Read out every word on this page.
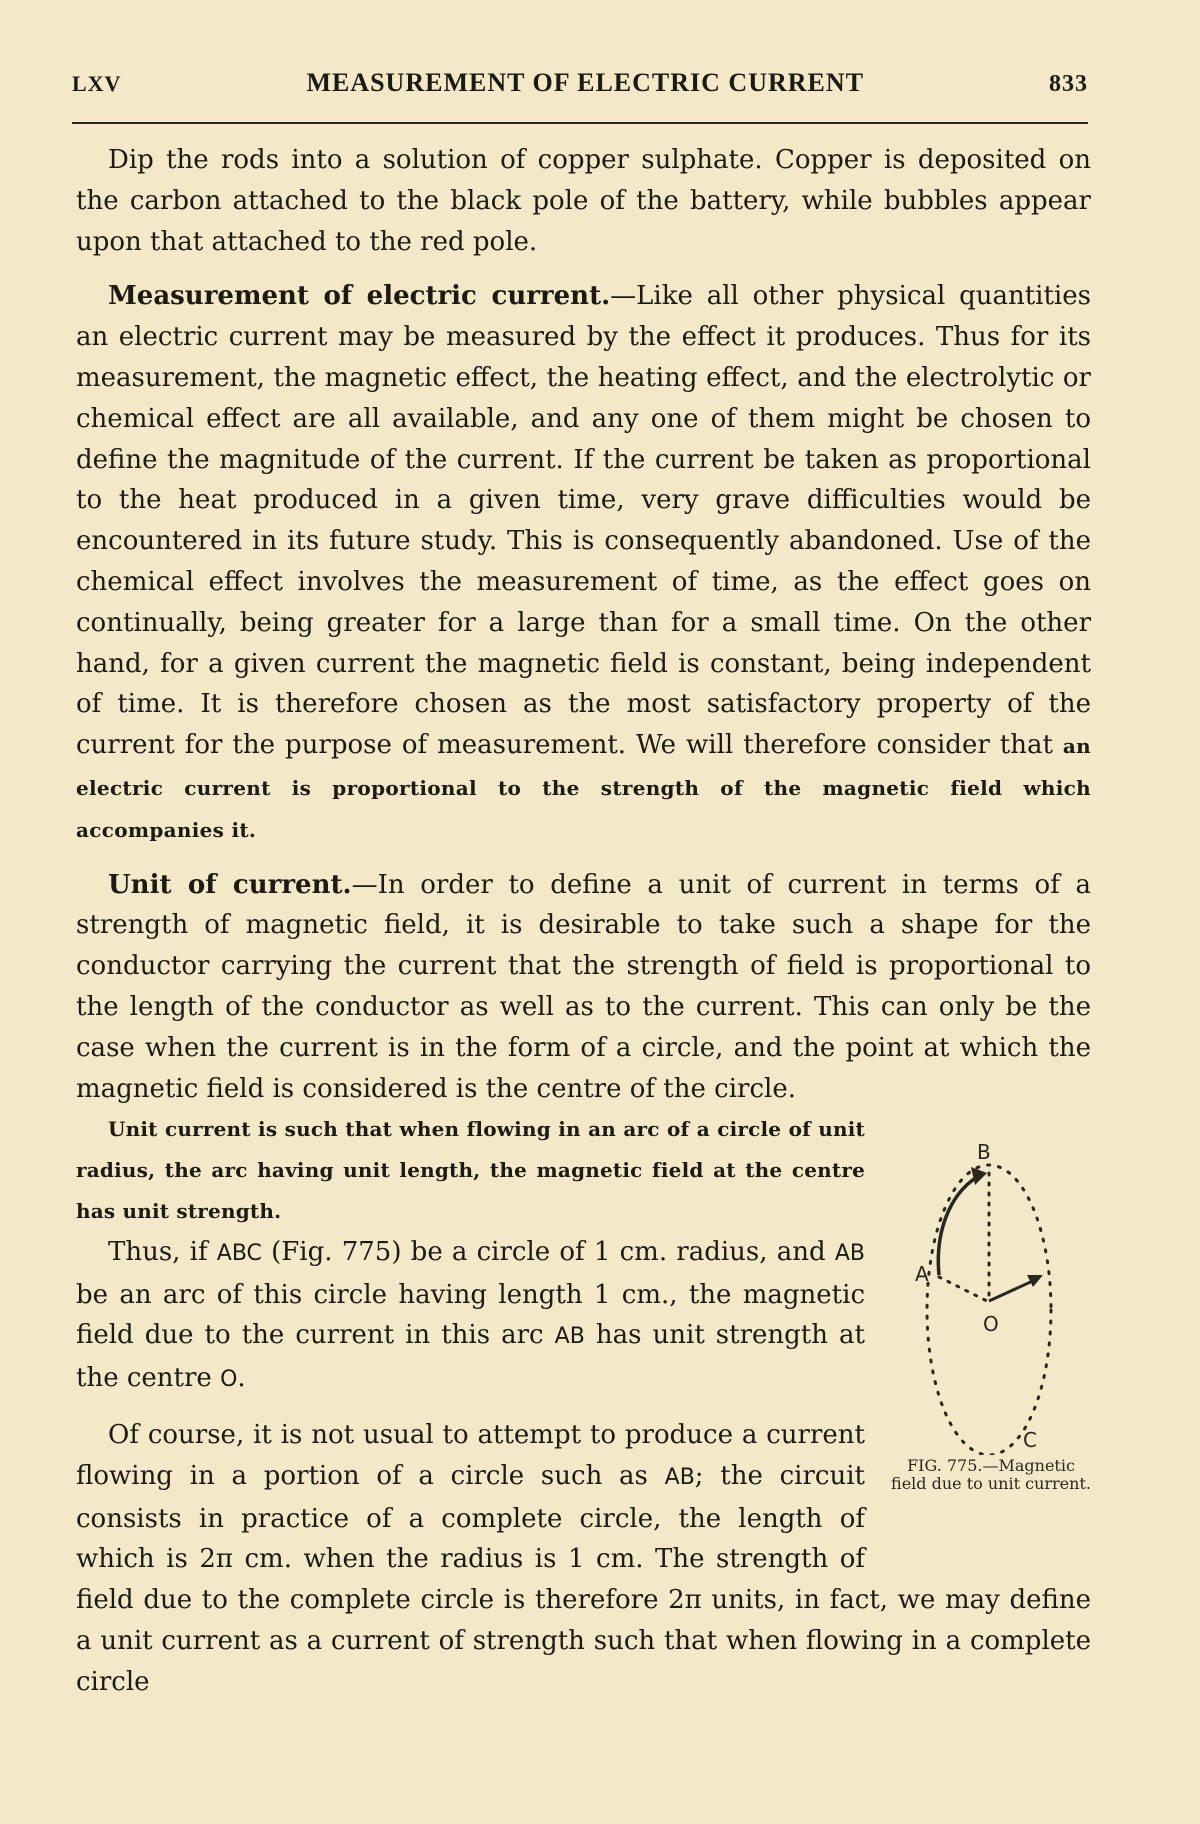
LXV	MEASUREMENT OF ELECTRIC CURRENT	833

Dip the rods into a solution of copper sulphate. Copper is deposited on the carbon attached to the black pole of the battery, while bubbles appear upon that attached to the red pole.

Measurement of electric current.—Like all other physical quantities an electric current may be measured by the effect it produces. Thus for its measurement, the magnetic effect, the heating effect, and the electrolytic or chemical effect are all available, and any one of them might be chosen to define the magnitude of the current. If the current be taken as proportional to the heat produced in a given time, very grave difficulties would be encountered in its future study. This is consequently abandoned. Use of the chemical effect involves the measurement of time, as the effect goes on continually, being greater for a large than for a small time. On the other hand, for a given current the magnetic field is constant, being independent of time. It is therefore chosen as the most satisfactory property of the current for the purpose of measurement. We will therefore consider that an electric current is proportional to the strength of the magnetic field which accompanies it.

Unit of current.—In order to define a unit of current in terms of a strength of magnetic field, it is desirable to take such a shape for the conductor carrying the current that the strength of field is proportional to the length of the conductor as well as to the current. This can only be the case when the current is in the form of a circle, and the point at which the magnetic field is considered is the centre of the circle.

B
A
O
C
FIG. 775.—Magnetic field due to unit current.

Unit current is such that when flowing in an arc of a circle of unit radius, the arc having unit length, the magnetic field at the centre has unit strength.

Thus, if ABC (Fig. 775) be a circle of 1 cm. radius, and AB be an arc of this circle having length 1 cm., the magnetic field due to the current in this arc AB has unit strength at the centre O.

Of course, it is not usual to attempt to produce a current flowing in a portion of a circle such as AB; the circuit consists in practice of a complete circle, the length of which is 2π cm. when the radius is 1 cm. The strength of field due to the complete circle is therefore 2π units, in fact, we may define a unit current as a current of strength such that when flowing in a complete circle
